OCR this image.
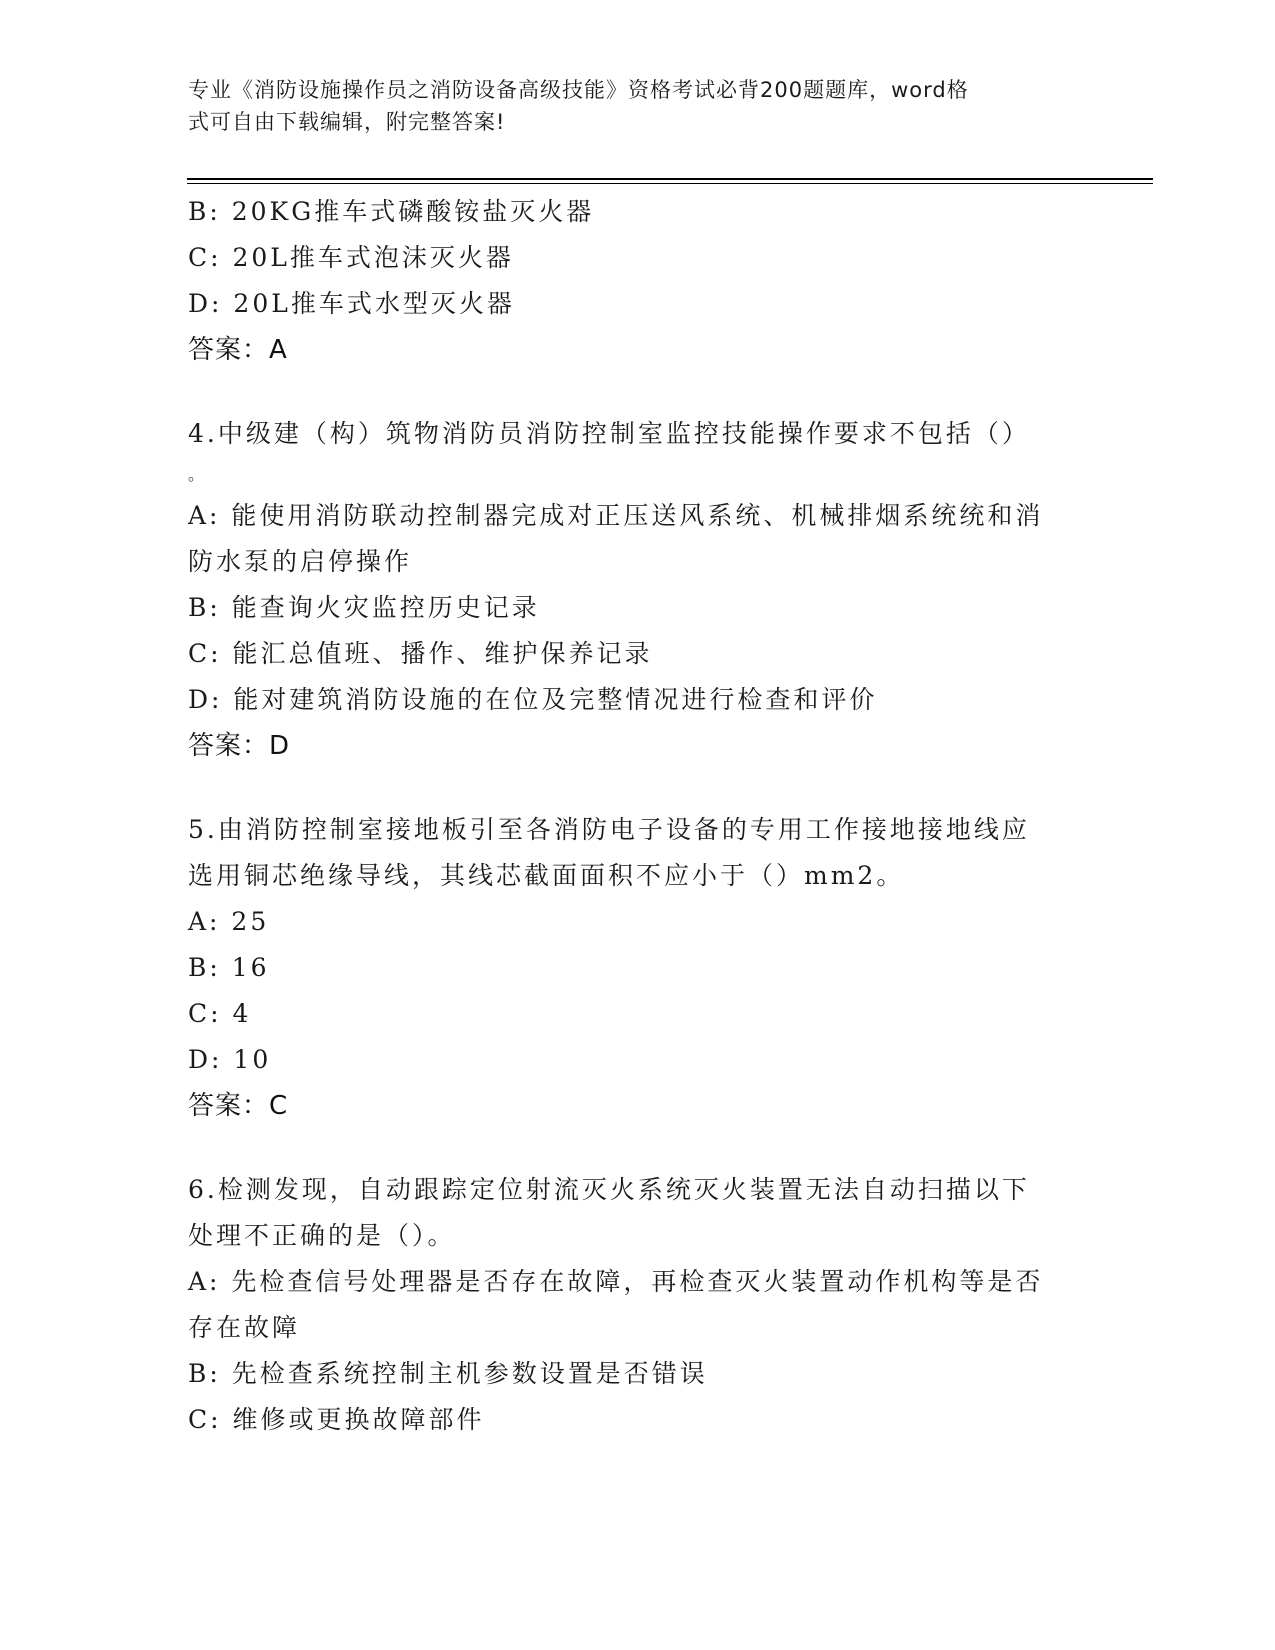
专业《消防设施操作员之消防设备高级技能》资格考试必背200题题库，word格
式可自由下载编辑，附完整答案!
B: 20KG推车式磷酸铵盐灭火器
C: 20L推车式泡沫灭火器
D: 20L推车式水型灭火器
答案：A
4.中级建（构）筑物消防员消防控制室监控技能操作要求不包括（）
。
A: 能使用消防联动控制器完成对正压送风系统、机械排烟系统统和消
防水泵的启停操作
B: 能查询火灾监控历史记录
C: 能汇总值班、播作、维护保养记录
D: 能对建筑消防设施的在位及完整情况进行检查和评价
答案：D
5.由消防控制室接地板引至各消防电子设备的专用工作接地接地线应
选用铜芯绝缘导线，其线芯截面面积不应小于（）mm2。
A: 25
B: 16
C: 4
D: 10
答案：C
6.检测发现，自动跟踪定位射流灭火系统灭火装置无法自动扫描以下
处理不正确的是（）。
A: 先检查信号处理器是否存在故障，再检查灭火装置动作机构等是否
存在故障
B: 先检查系统控制主机参数设置是否错误
C: 维修或更换故障部件
